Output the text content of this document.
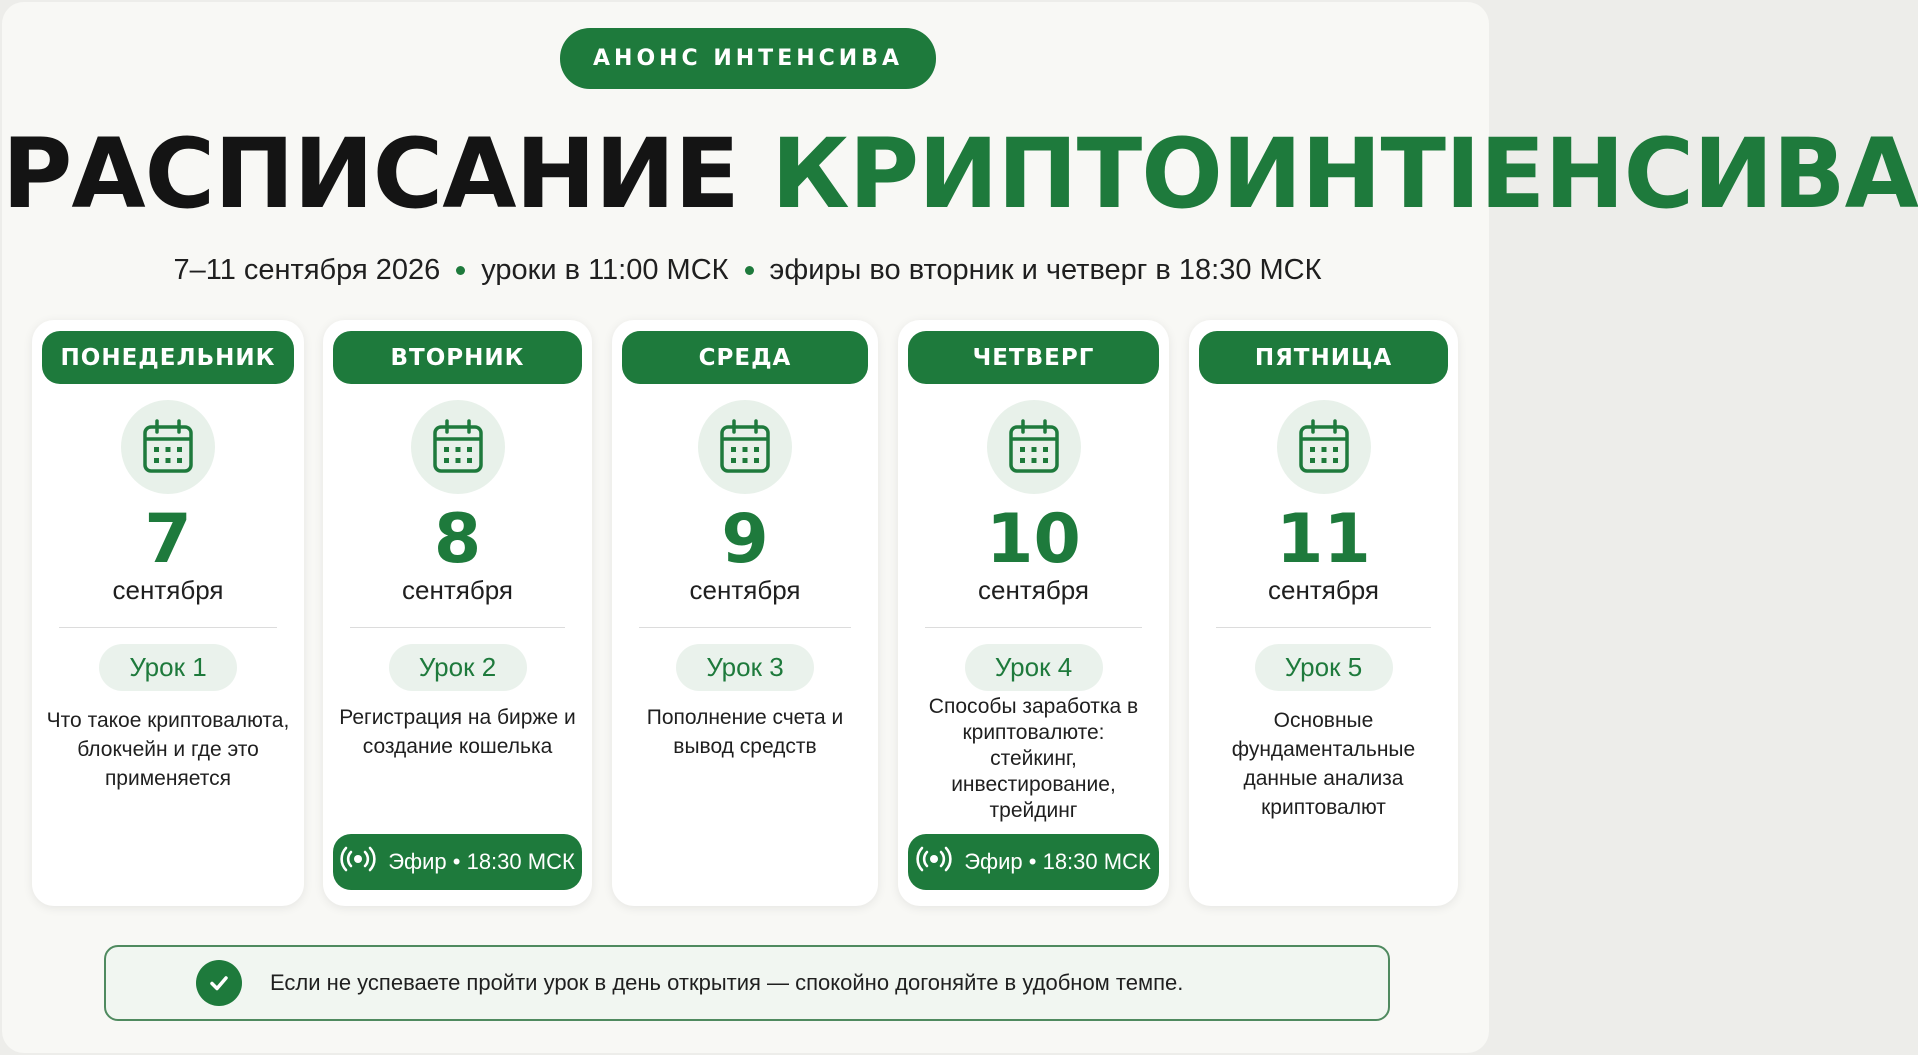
АНОНС ИНТЕНСИВА
РАСПИСАНИЕ КРИПТОИНТIЕНСИВА
7–11 сентября 2026 уроки в 11:00 МСК эфиры во вторник и четверг в 18:30 МСК
ПОНЕДЕЛЬНИК
7
сентября
Урок 1
Что такое криптовалюта, блокчейн и где это применяется
ВТОРНИК
8
сентября
Урок 2
Регистрация на бирже и создание кошелька
Эфир • 18:30 МСК
СРЕДА
9
сентября
Урок 3
Пополнение счета и вывод средств
ЧЕТВЕРГ
10
сентября
Урок 4
Способы заработка в криптовалюте: стейкинг, инвестирование, трейдинг
Эфир • 18:30 МСК
ПЯТНИЦА
11
сентября
Урок 5
Основные фундаментальные данные анализа криптовалют
Если не успеваете пройти урок в день открытия — спокойно догоняйте в удобном темпе.
